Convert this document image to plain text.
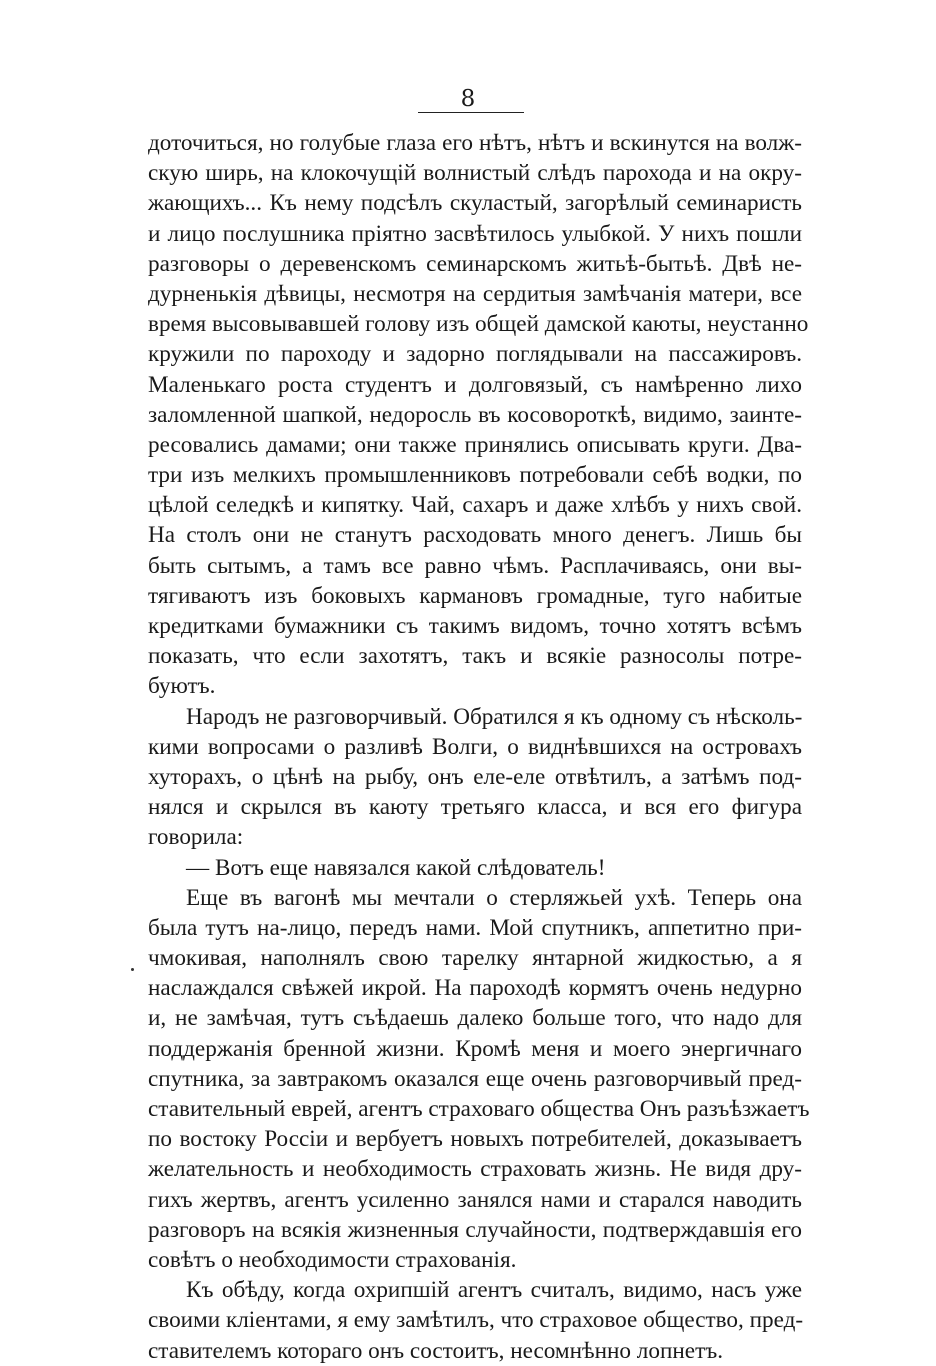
8
доточиться, но голубые глаза его нѣтъ, нѣтъ и вскинутся на волж-
скую ширь, на клокочущій волнистый слѣдъ парохода и на окру-
жающихъ... Къ нему подсѣлъ скуластый, загорѣлый семинаристь
и лицо послушника пріятно засвѣтилось улыбкой. У нихъ пошли
разговоры о деревенскомъ семинарскомъ житьѣ-бытьѣ. Двѣ не-
дурненькія дѣвицы, несмотря на сердитыя замѣчанія матери, все
время высовывавшей голову изъ общей дамской каюты, неустанно
кружили по пароходу и задорно поглядывали на пассажировъ.
Маленькаго роста студентъ и долговязый, съ намѣренно лихо
заломленной шапкой, недоросль въ косовороткѣ, видимо, заинте-
ресовались дамами; они также принялись описывать круги. Два-
три изъ мелкихъ промышленниковъ потребовали себѣ водки, по
цѣлой селедкѣ и кипятку. Чай, сахаръ и даже хлѣбъ у нихъ свой.
На столъ они не станутъ расходовать много денегъ. Лишь бы
быть сытымъ, а тамъ все равно чѣмъ. Расплачиваясь, они вы-
тягиваютъ изъ боковыхъ кармановъ громадные, туго набитые
кредитками бумажники съ такимъ видомъ, точно хотятъ всѣмъ
показать, что если захотятъ, такъ и всякіе разносолы потре-
буютъ.
Народъ не разговорчивый. Обратился я къ одному съ нѣсколь-
кими вопросами о разливѣ Волги, о виднѣвшихся на островахъ
хуторахъ, о цѣнѣ на рыбу, онъ еле-еле отвѣтилъ, а затѣмъ под-
нялся и скрылся въ каюту третьяго класса, и вся его фигура
говорила:
— Вотъ еще навязался какой слѣдователь!
Еще въ вагонѣ мы мечтали о стерляжьей ухѣ. Теперь она
была тутъ на-лицо, передъ нами. Мой спутникъ, аппетитно при-
чмокивая, наполнялъ свою тарелку янтарной жидкостью, а я
наслаждался свѣжей икрой. На пароходѣ кормятъ очень недурно
и, не замѣчая, тутъ съѣдаешь далеко больше того, что надо для
поддержанія бренной жизни. Кромѣ меня и моего энергичнаго
спутника, за завтракомъ оказался еще очень разговорчивый пред-
ставительный еврей, агентъ страховаго общества Онъ разъѣзжаетъ
по востоку Россіи и вербуетъ новыхъ потребителей, доказываетъ
желательность и необходимость страховать жизнь. Не видя дру-
гихъ жертвъ, агентъ усиленно занялся нами и старался наводить
разговоръ на всякія жизненныя случайности, подтверждавшія его
совѣтъ о необходимости страхованія.
Къ обѣду, когда охрипшій агентъ считалъ, видимо, насъ уже
своими кліентами, я ему замѣтилъ, что страховое общество, пред-
ставителемъ котораго онъ состоитъ, несомнѣнно лопнетъ.
